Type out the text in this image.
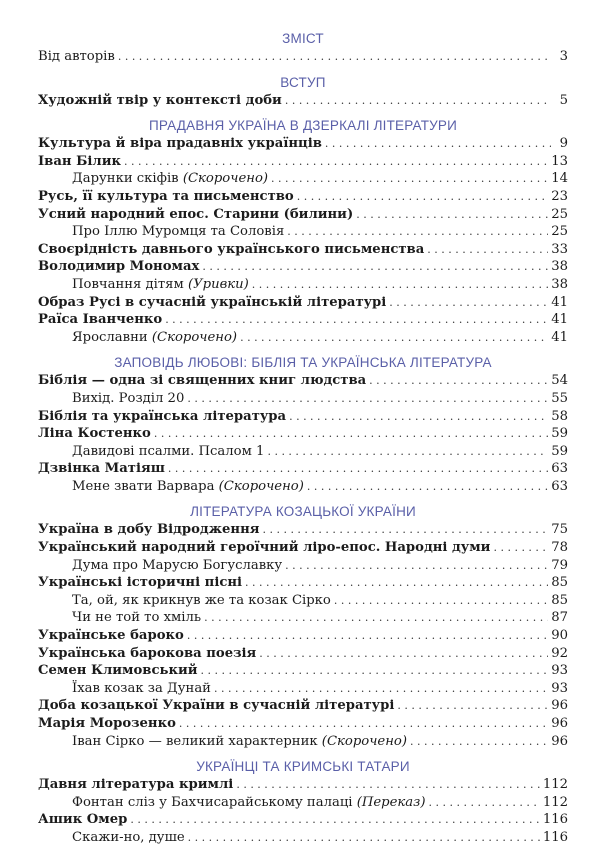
ЗМІСТ
Від авторів . . .	3
ВСТУП
Художній твір у контексті доби . . .	5
ПРАДАВНЯ УКРАЇНА В ДЗЕРКАЛІ ЛІТЕРАТУРИ
Культура й віра прадавніх українців . . .	9
Іван Білик . . .	13
Дарунки скіфів (Скорочено) . . .	14
Русь, її культура та письменство . . .	23
Усний народний епос. Старини (билини) . . .	25
Про Іллю Муромця та Соловія . . .	25
Своєрідність давнього українського письменства . . .	33
Володимир Мономах . . .	38
Повчання дітям (Уривки) . . .	38
Образ Русі в сучасній українській літературі . . .	41
Раїса Іванченко . . .	41
Ярославни (Скорочено) . . .	41
ЗАПОВІДЬ ЛЮБОВІ: БІБЛІЯ ТА УКРАЇНСЬКА ЛІТЕРАТУРА
Біблія — одна зі священних книг людства . . .	54
Вихід. Розділ 20 . . .	55
Біблія та українська література . . .	58
Ліна Костенко . . .	59
Давидові псалми. Псалом 1 . . .	59
Дзвінка Матіяш . . .	63
Мене звати Варвара (Скорочено) . . .	63
ЛІТЕРАТУРА КОЗАЦЬКОЇ УКРАЇНИ
Україна в добу Відродження . . .	75
Український народний героїчний ліро-епос. Народні думи . . .	78
Дума про Марусю Богуславку . . .	79
Українські історичні пісні . . .	85
Та, ой, як крикнув же та козак Сірко . . .	85
Чи не той то хміль . . .	87
Українське бароко . . .	90
Українська барокова поезія . . .	92
Семен Климовський . . .	93
Їхав козак за Дунай . . .	93
Доба козацької України в сучасній літературі . . .	96
Марія Морозенко . . .	96
Іван Сірко — великий характерник (Скорочено) . . .	96
УКРАЇНЦІ ТА КРИМСЬКІ ТАТАРИ
Давня література кримлі . . .	112
Фонтан сліз у Бахчисарайському палаці (Переказ) . . .	112
Ашик Омер . . .	116
Скажи-но, душе . . .	116
